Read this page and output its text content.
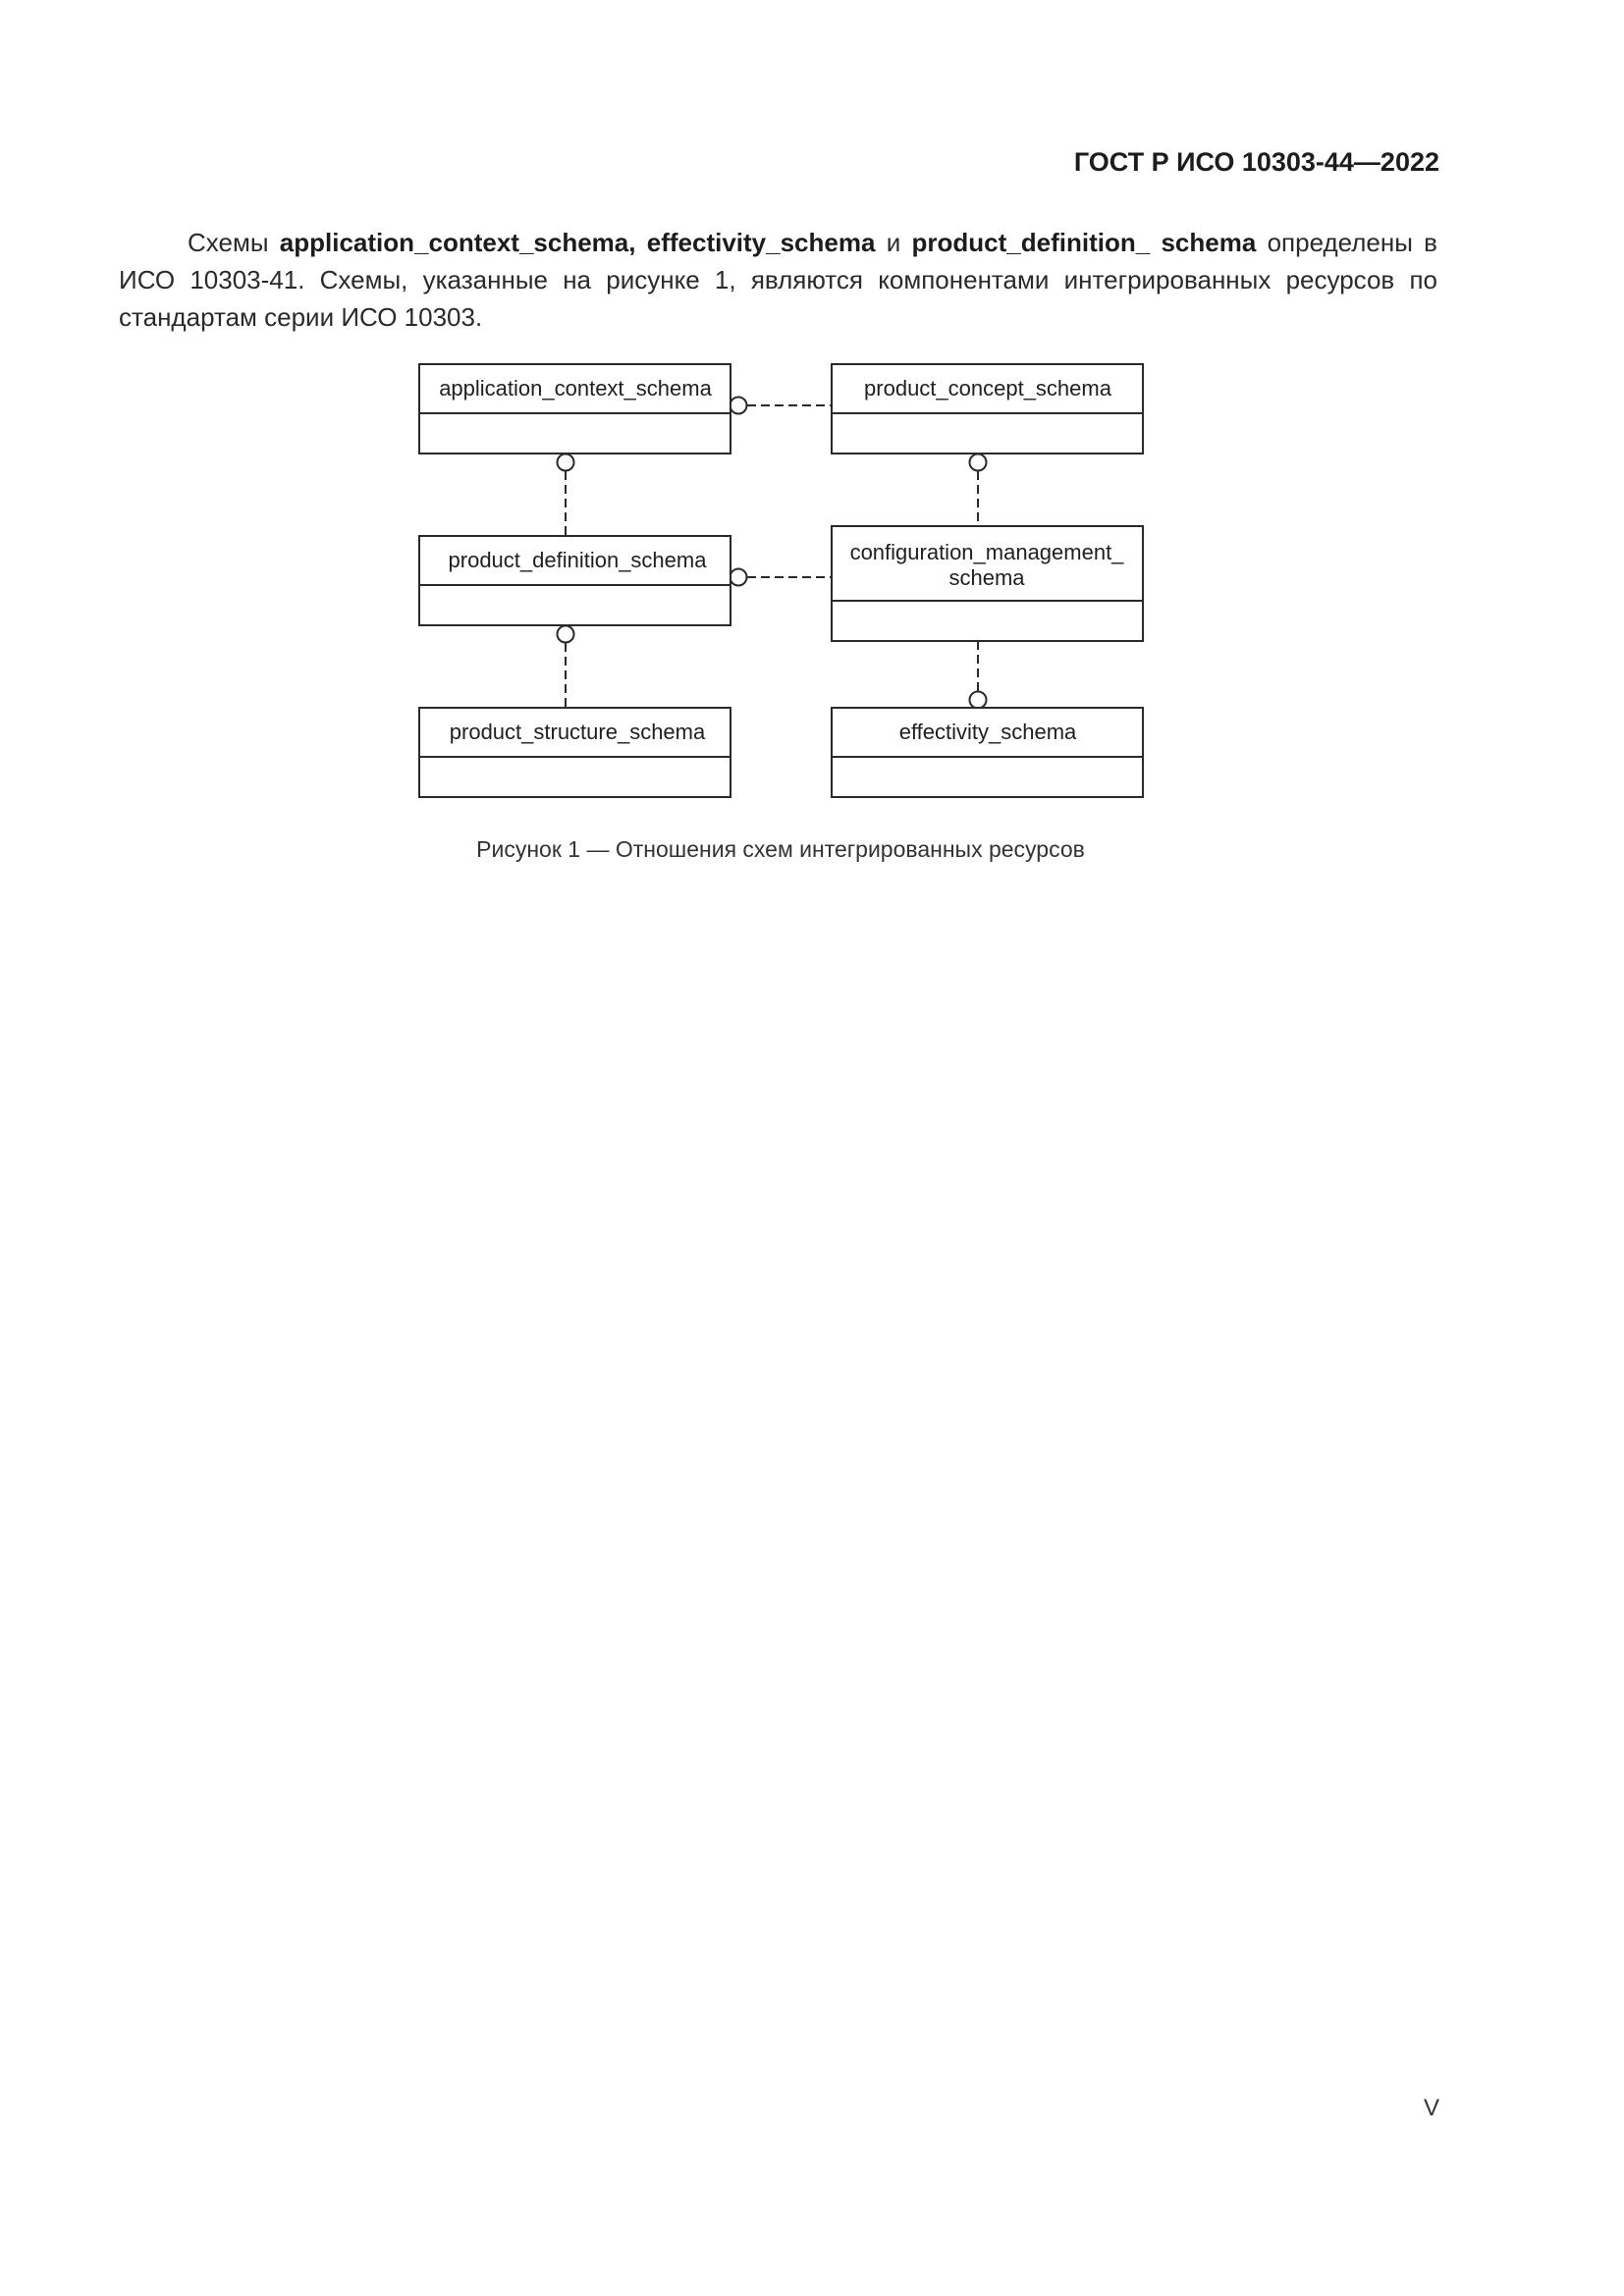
ГОСТ Р ИСО 10303-44—2022

Схемы application_context_schema, effectivity_schema и product_definition_ schema определены в ИСО 10303-41. Схемы, указанные на рисунке 1, являются компонентами интегрированных ресурсов по стандартам серии ИСО 10303.

application_context_schema	product_concept_schema
product_definition_schema	configuration_management_
schema
product_structure_schema	effectivity_schema
Рисунок 1 — Отношения схем интегрированных ресурсов
V
